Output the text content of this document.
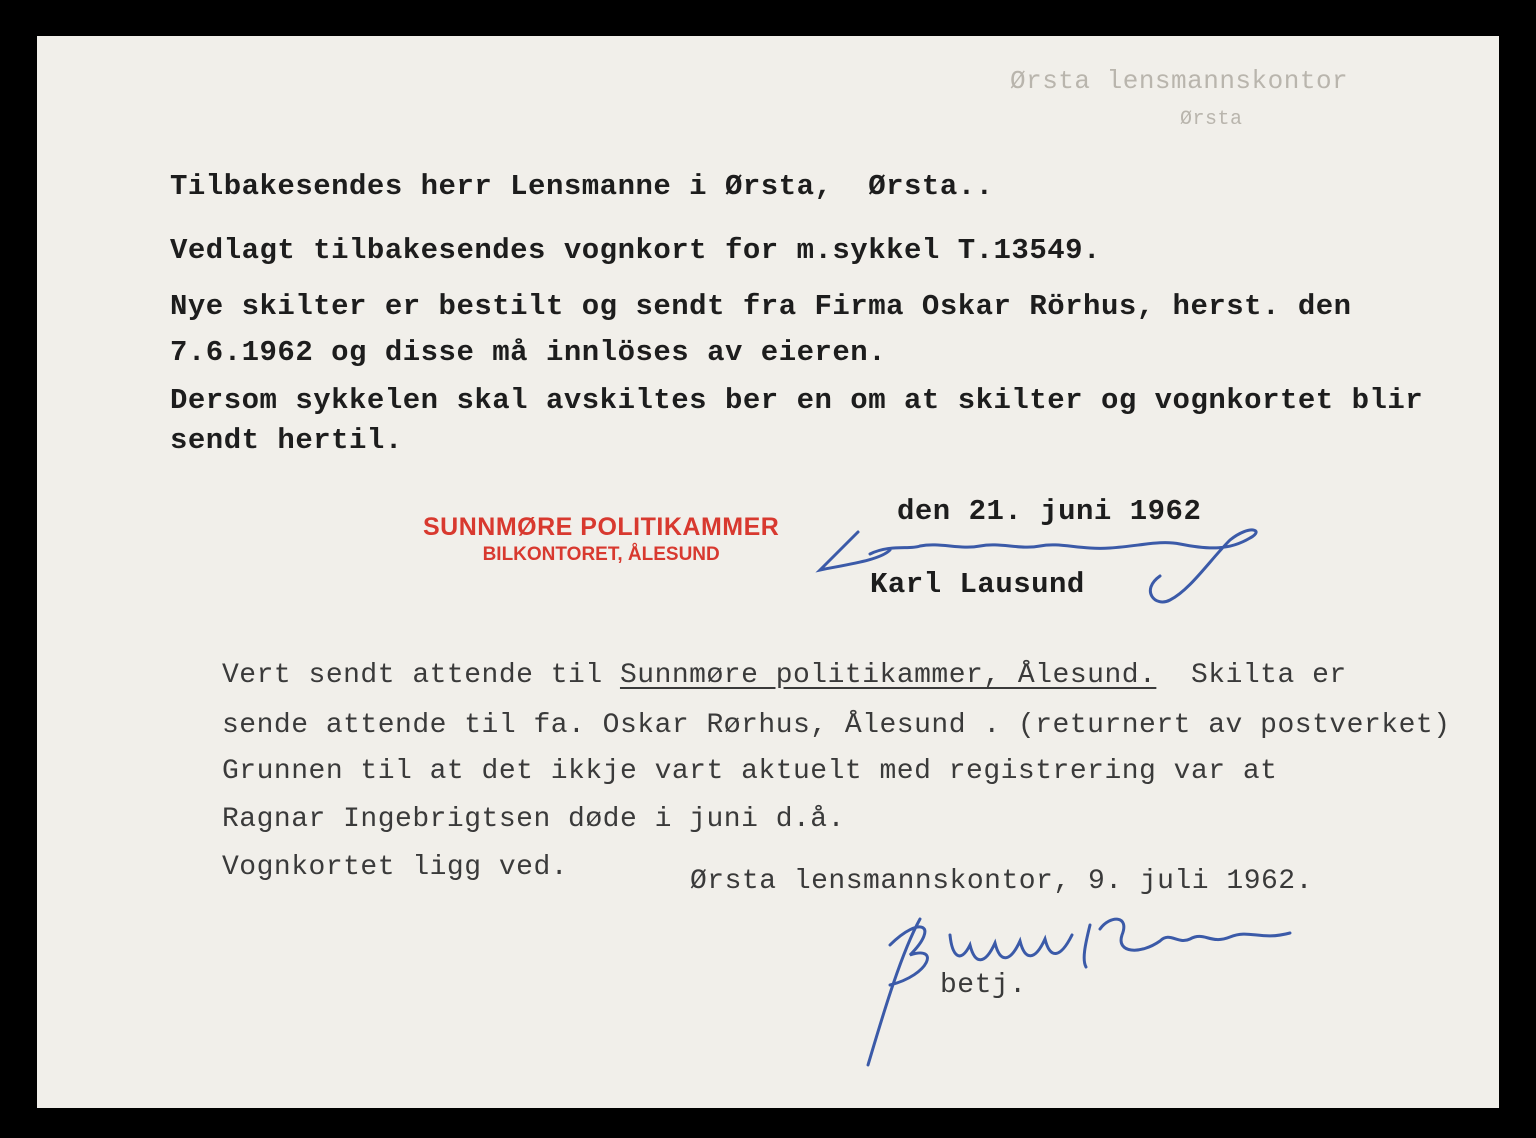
Ørsta lensmannskontor

Ørsta

Tilbakesendes herr Lensmanne i Ørsta,  Ørsta..

Vedlagt tilbakesendes vognkort for m.sykkel T.13549.

Nye skilter er bestilt og sendt fra Firma Oskar Rörhus, herst. den

7.6.1962 og disse må innlöses av eieren.

Dersom sykkelen skal avskiltes ber en om at skilter og vognkortet blir

sendt hertil.

den 21. juni 1962

SUNNMØRE POLITIKAMMER
BILKONTORET, ÅLESUND

Karl Lausund

Vert sendt attende til Sunnmøre politikammer, Ålesund.  Skilta er

sende attende til fa. Oskar Rørhus, Ålesund . (returnert av postverket)

Grunnen til at det ikkje vart aktuelt med registrering var at

Ragnar Ingebrigtsen døde i juni d.å.

Vognkortet ligg ved.	Ørsta lensmannskontor, 9. juli 1962.

betj.
